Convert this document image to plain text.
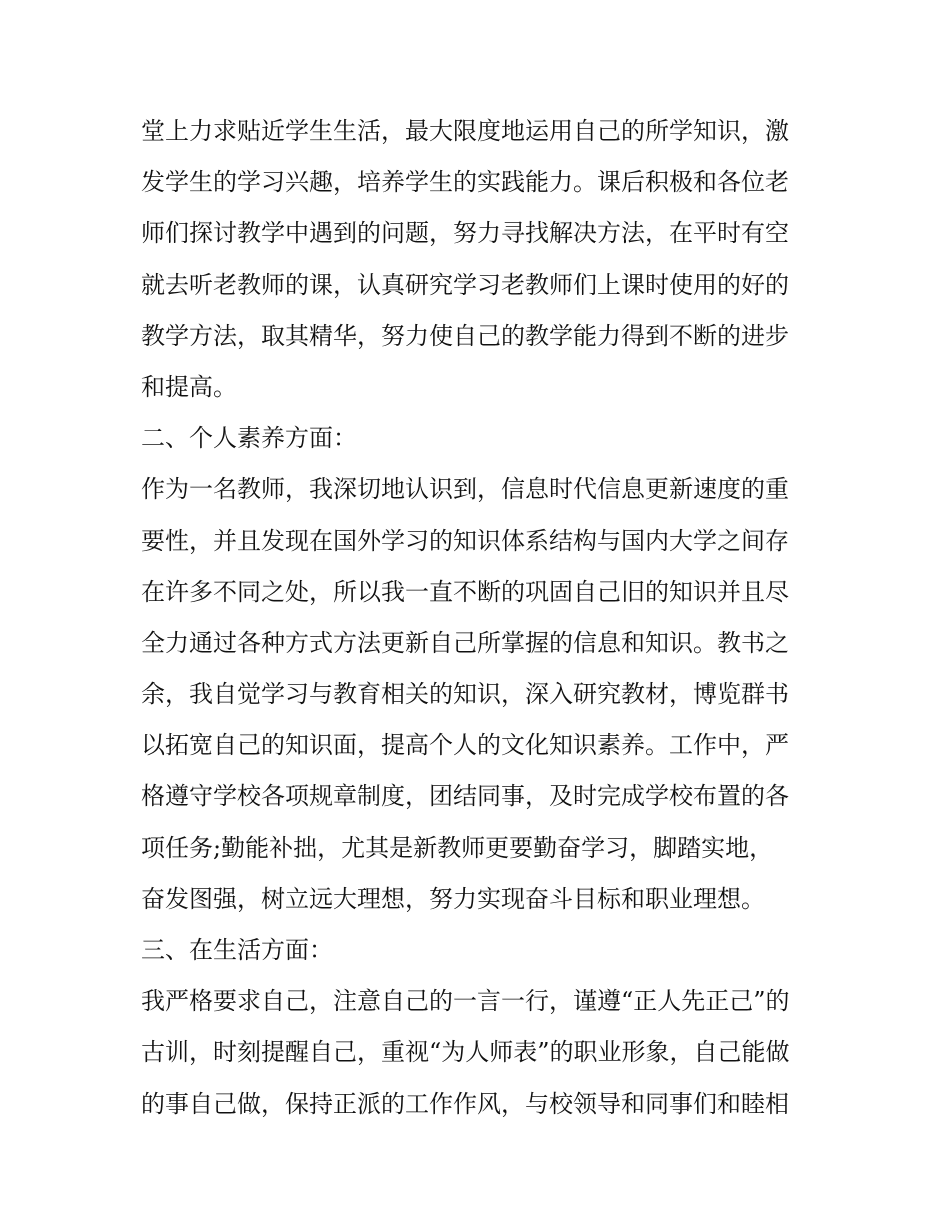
堂上力求贴近学生生活，最大限度地运用自己的所学知识，激
发学生的学习兴趣，培养学生的实践能力。课后积极和各位老
师们探讨教学中遇到的问题，努力寻找解决方法，在平时有空
就去听老教师的课，认真研究学习老教师们上课时使用的好的
教学方法，取其精华，努力使自己的教学能力得到不断的进步
和提高。
二、个人素养方面：
作为一名教师，我深切地认识到，信息时代信息更新速度的重
要性，并且发现在国外学习的知识体系结构与国内大学之间存
在许多不同之处，所以我一直不断的巩固自己旧的知识并且尽
全力通过各种方式方法更新自己所掌握的信息和知识。教书之
余，我自觉学习与教育相关的知识，深入研究教材，博览群书
以拓宽自己的知识面，提高个人的文化知识素养。工作中，严
格遵守学校各项规章制度，团结同事，及时完成学校布置的各
项任务;勤能补拙，尤其是新教师更要勤奋学习，脚踏实地，
奋发图强，树立远大理想，努力实现奋斗目标和职业理想。
三、在生活方面：
我严格要求自己，注意自己的一言一行，谨遵“正人先正己”的
古训，时刻提醒自己，重视“为人师表”的职业形象，自己能做
的事自己做，保持正派的工作作风，与校领导和同事们和睦相
